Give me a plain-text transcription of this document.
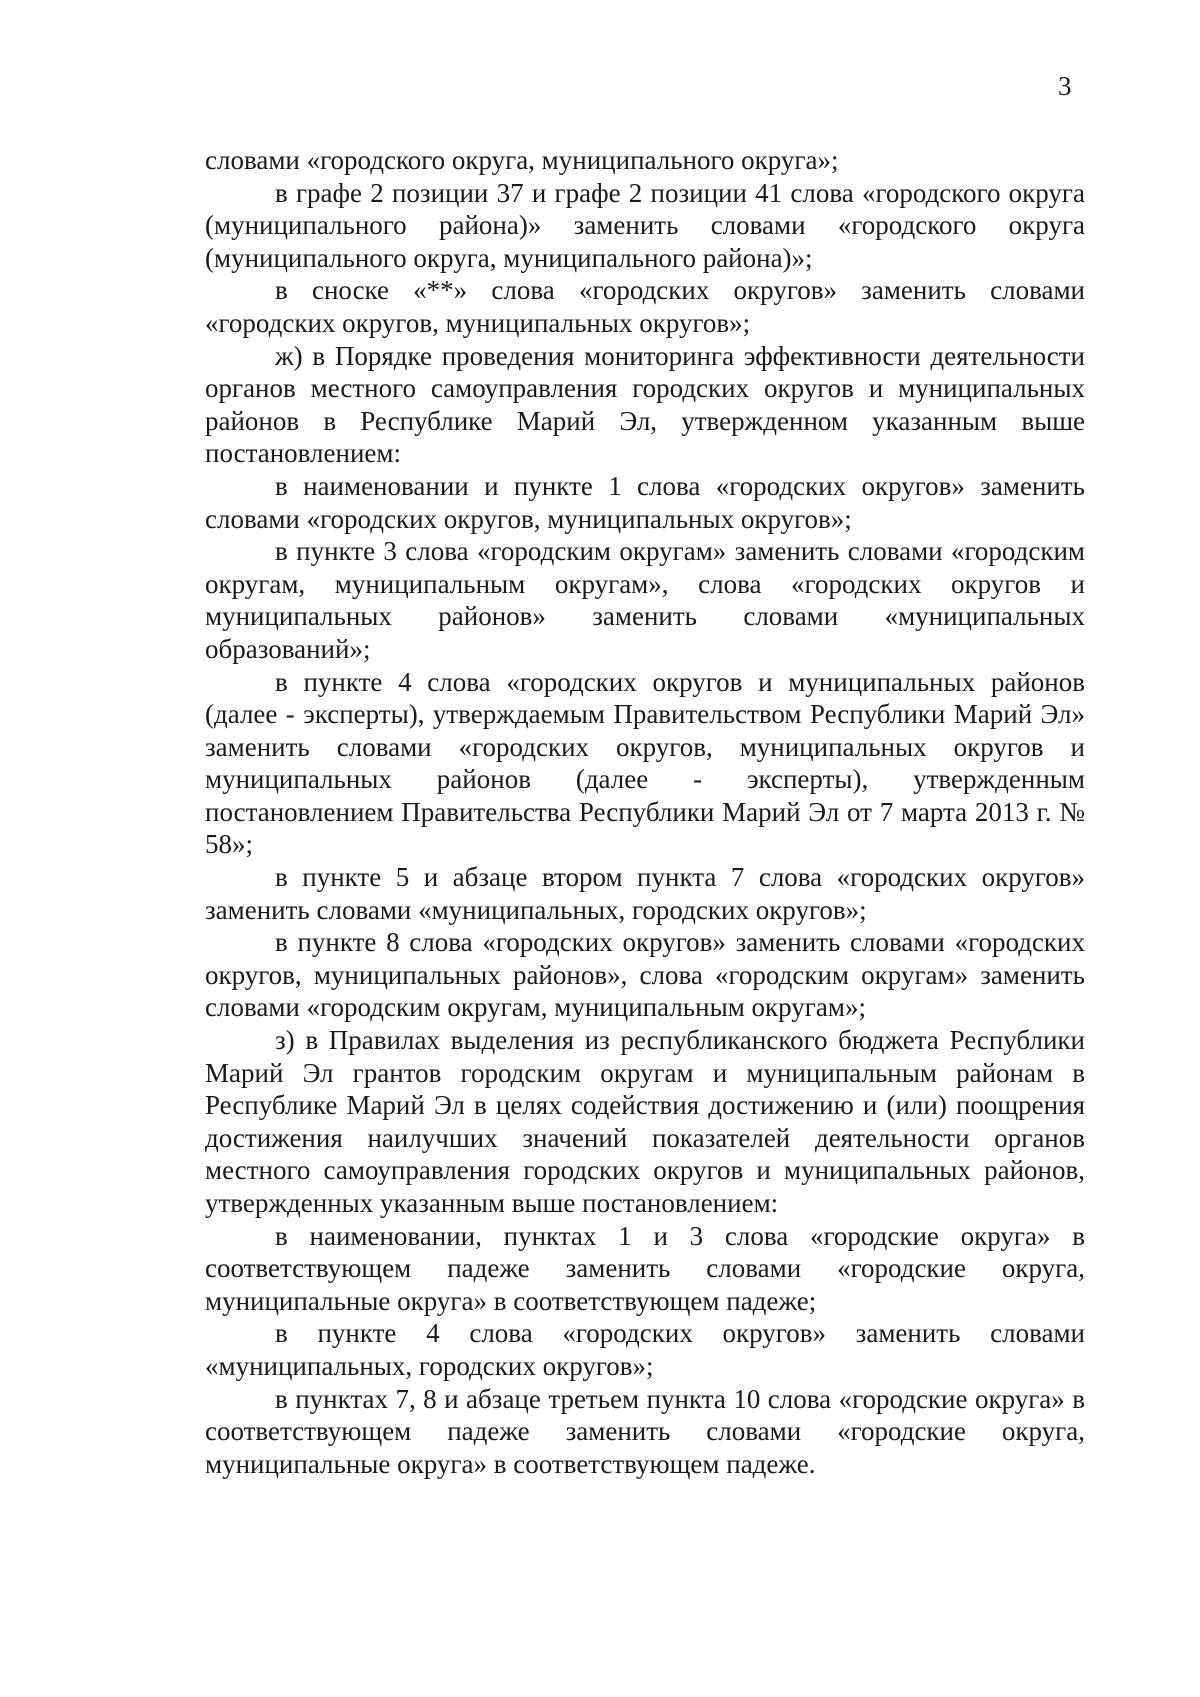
3

словами «городского округа, муниципального округа»;

в графе 2 позиции 37 и графе 2 позиции 41 слова «городского округа (муниципального района)» заменить словами «городского округа (муниципального округа, муниципального района)»;

в сноске «**» слова «городских округов» заменить словами «городских округов, муниципальных округов»;

ж) в Порядке проведения мониторинга эффективности деятельности органов местного самоуправления городских округов и муниципальных районов в Республике Марий Эл, утвержденном указанным выше постановлением:

в наименовании и пункте 1 слова «городских округов» заменить словами «городских округов, муниципальных округов»;

в пункте 3 слова «городским округам» заменить словами «городским округам, муниципальным округам», слова «городских округов и муниципальных районов» заменить словами «муниципальных образований»;

в пункте 4 слова «городских округов и муниципальных районов (далее - эксперты), утверждаемым Правительством Республики Марий Эл» заменить словами «городских округов, муниципальных округов и муниципальных районов (далее - эксперты), утвержденным постановлением Правительства Республики Марий Эл от 7 марта 2013 г. № 58»;

в пункте 5 и абзаце втором пункта 7 слова «городских округов» заменить словами «муниципальных, городских округов»;

в пункте 8 слова «городских округов» заменить словами «городских округов, муниципальных районов», слова «городским округам» заменить словами «городским округам, муниципальным округам»;

з) в Правилах выделения из республиканского бюджета Республики Марий Эл грантов городским округам и муниципальным районам в Республике Марий Эл в целях содействия достижению и (или) поощрения достижения наилучших значений показателей деятельности органов местного самоуправления городских округов и муниципальных районов, утвержденных указанным выше постановлением:

в наименовании, пунктах 1 и 3 слова «городские округа» в соответствующем падеже заменить словами «городские округа, муниципальные округа» в соответствующем падеже;

в пункте 4 слова «городских округов» заменить словами «муниципальных, городских округов»;

в пунктах 7, 8 и абзаце третьем пункта 10 слова «городские округа» в соответствующем падеже заменить словами «городские округа, муниципальные округа» в соответствующем падеже.
